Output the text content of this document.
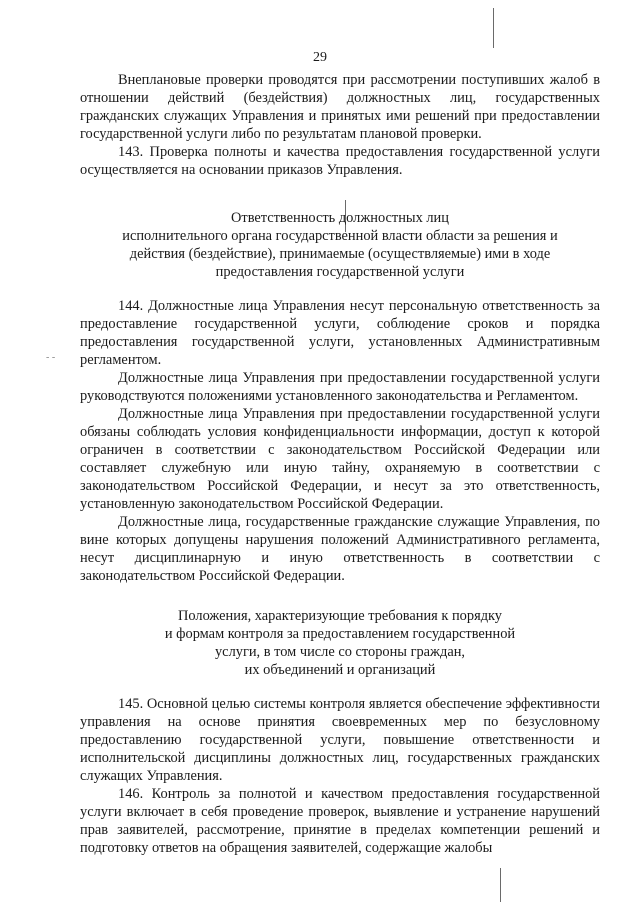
- -
29

Внеплановые проверки проводятся при рассмотрении поступивших жалоб в отношении действий (бездействия) должностных лиц, государственных гражданских служащих Управления и принятых ими решений при предоставлении государственной услуги либо по результатам плановой проверки.

143. Проверка полноты и качества предоставления государственной услуги осуществляется на основании приказов Управления.

Ответственность должностных лиц

исполнительного органа государственной власти области за решения и

действия (бездействие), принимаемые (осуществляемые) ими в ходе

предоставления государственной услуги

144. Должностные лица Управления несут персональную ответственность за предоставление государственной услуги, соблюдение сроков и порядка предоставления государственной услуги, установленных Административным регламентом.

Должностные лица Управления при предоставлении государственной услуги руководствуются положениями установленного законодательства и Регламентом.

Должностные лица Управления при предоставлении государственной услуги обязаны соблюдать условия конфиденциальности информации, доступ к которой ограничен в соответствии с законодательством Российской Федерации или составляет служебную или иную тайну, охраняемую в соответствии с законодательством Российской Федерации, и несут за это ответственность, установленную законодательством Российской Федерации.

Должностные лица, государственные гражданские служащие Управления, по вине которых допущены нарушения положений Административного регламента, несут дисциплинарную и иную ответственность в соответствии с законодательством Российской Федерации.

Положения, характеризующие требования к порядку

и формам контроля за предоставлением государственной

услуги, в том числе со стороны граждан,

их объединений и организаций

145. Основной целью системы контроля является обеспечение эффективности управления на основе принятия своевременных мер по безусловному предоставлению государственной услуги, повышение ответственности и исполнительской дисциплины должностных лиц, государственных гражданских служащих Управления.

146. Контроль за полнотой и качеством предоставления государственной услуги включает в себя проведение проверок, выявление и устранение нарушений прав заявителей, рассмотрение, принятие в пределах компетенции решений и подготовку ответов на обращения заявителей, содержащие жалобы
